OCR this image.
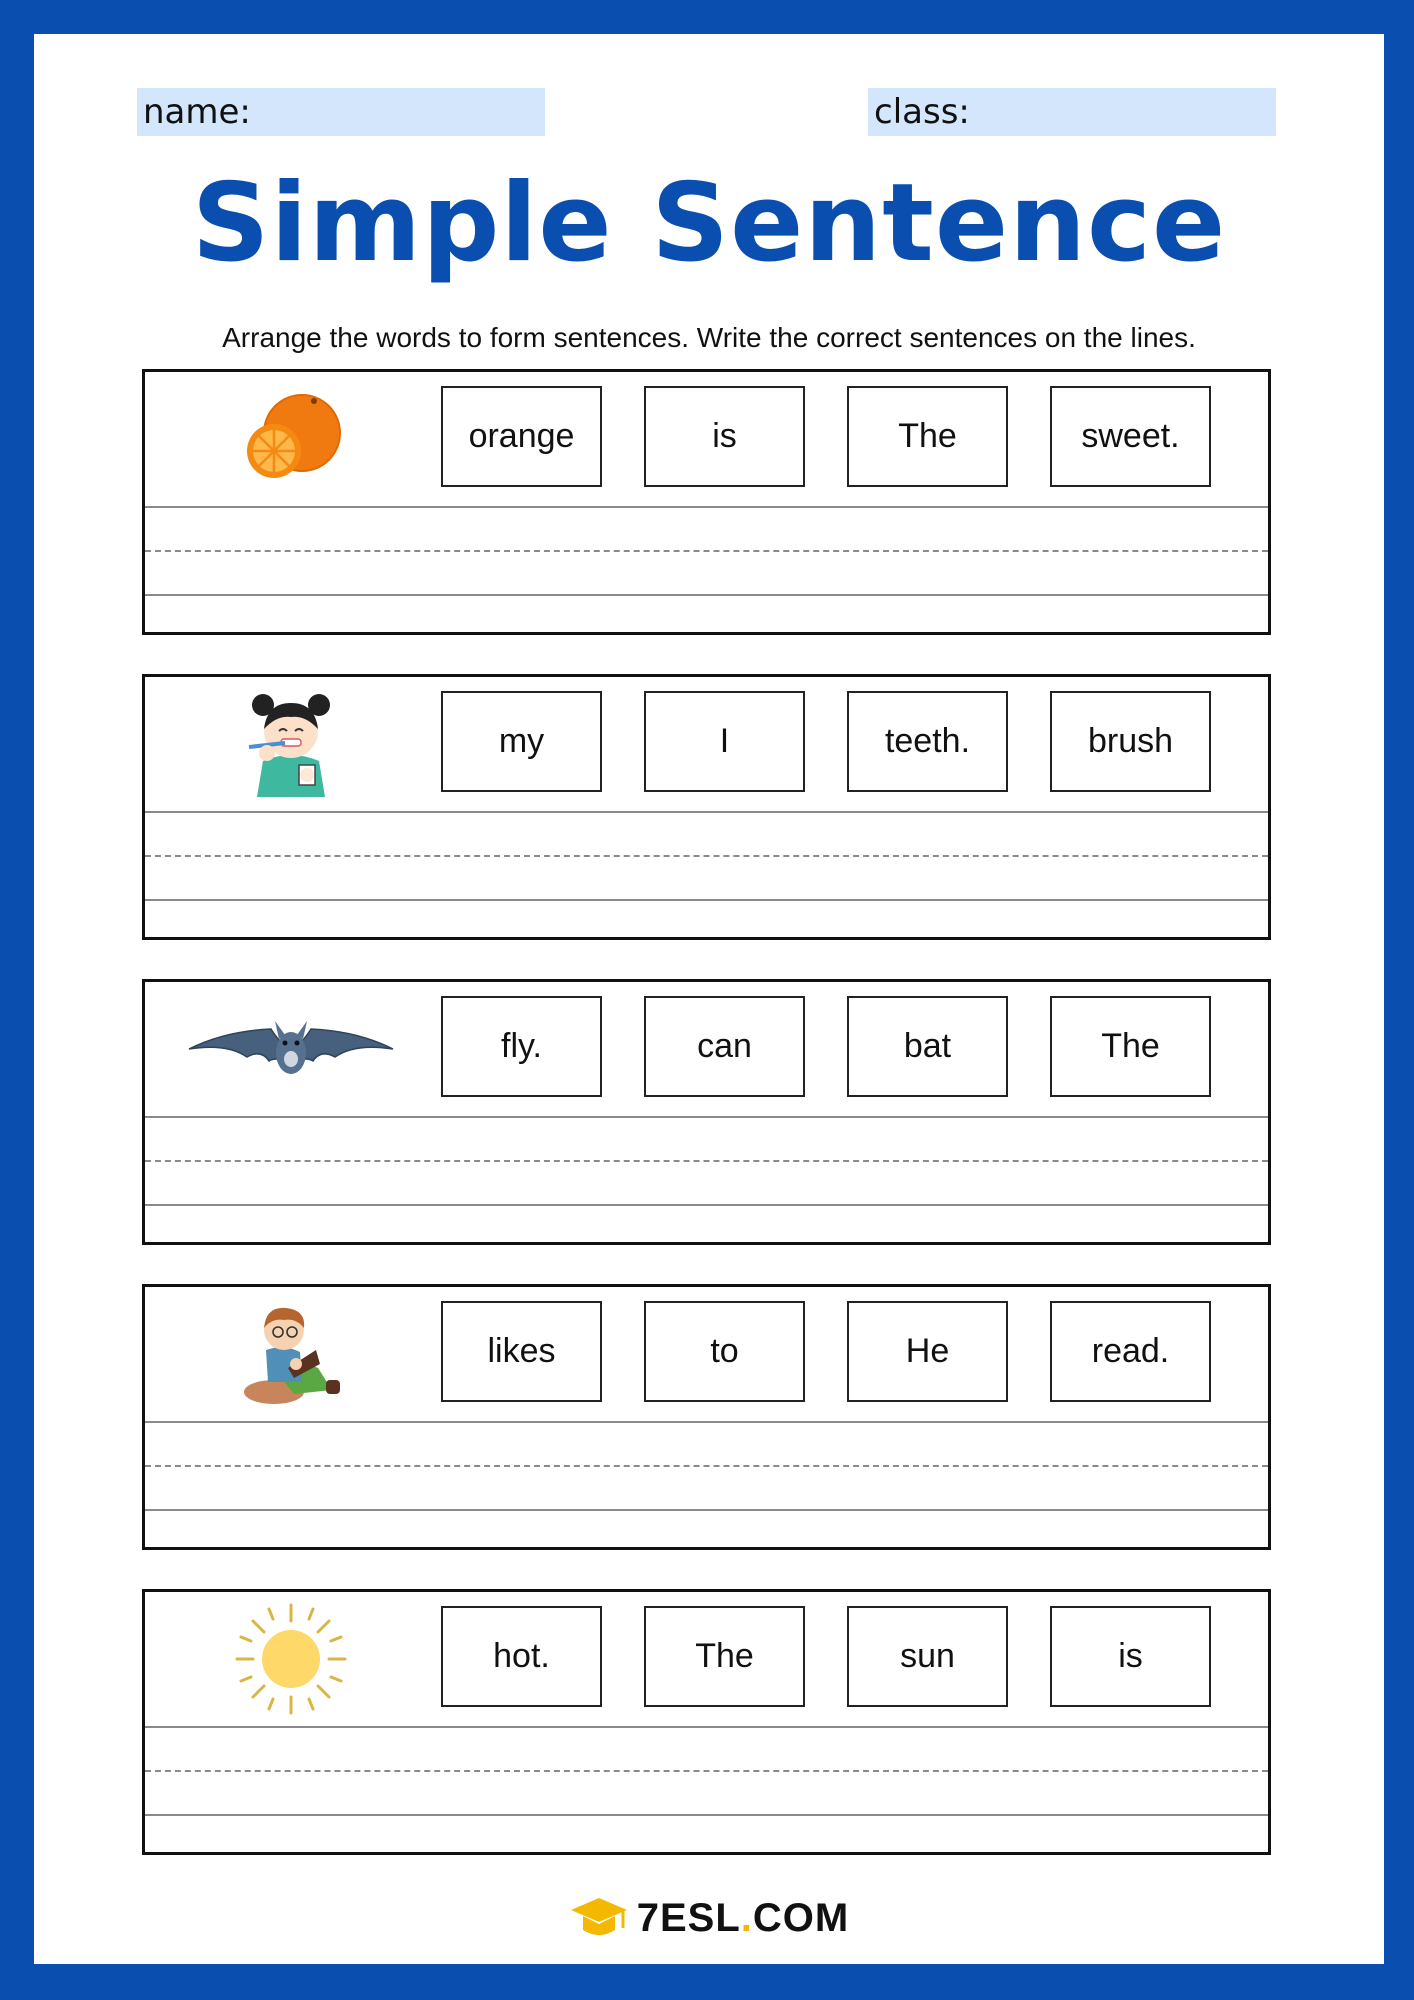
name:	class:
Simple Sentence
Arrange the words to form sentences. Write the correct sentences on the lines.
orange	is	The	sweet.
my	I	teeth.	brush
fly.	can	bat	The
likes	to	He	read.
hot.	The	sun	is
7ESL.COM
